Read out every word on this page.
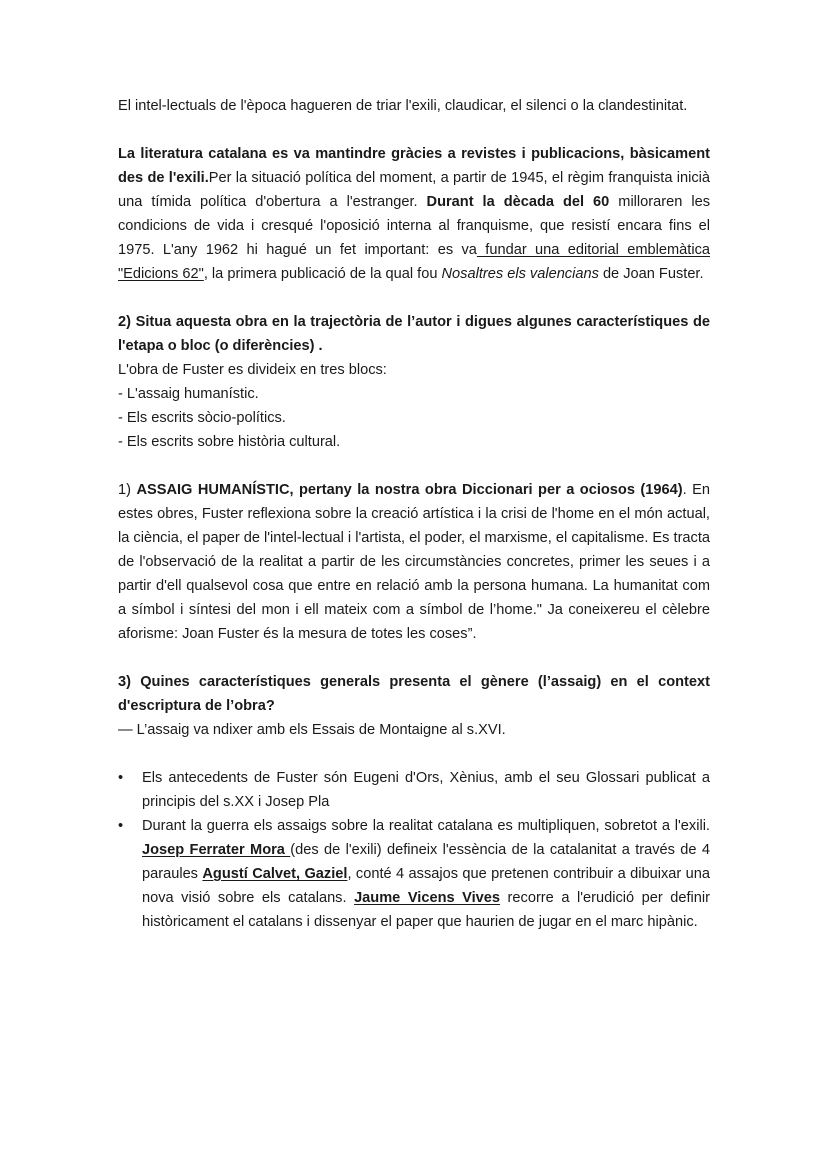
El intel-lectuals de l'època hagueren de triar l'exili, claudicar, el silenci o la clandestinitat.

La literatura catalana es va mantindre gràcies a revistes i publicacions, bàsicament des de l'exili.Per la situació política del moment, a partir de 1945, el règim franquista inicià una tímida política d'obertura a l'estranger. Durant la dècada del 60 milloraren les condicions de vida i cresqué l'oposició interna al franquisme, que resistí encara fins el 1975. L'any 1962 hi hagué un fet important: es va fundar una editorial emblemàtica "Edicions 62", la primera publicació de la qual fou Nosaltres els valencians de Joan Fuster.

2) Situa aquesta obra en la trajectòria de l’autor i digues algunes característiques de l'etapa o bloc (o diferències) .

L'obra de Fuster es divideix en tres blocs:

- L'assaig humanístic.

- Els escrits sòcio-polítics.

- Els escrits sobre història cultural.

1) ASSAIG HUMANÍSTIC, pertany la nostra obra Diccionari per a ociosos (1964). En estes obres, Fuster reflexiona sobre la creació artística i la crisi de l'home en el món actual, la ciència, el paper de l'intel-lectual i l'artista, el poder, el marxisme, el capitalisme. Es tracta de l'observació de la realitat a partir de les circumstàncies concretes, primer les seues i a partir d'ell qualsevol cosa que entre en relació amb la persona humana. La humanitat com a símbol i síntesi del mon i ell mateix com a símbol de l’home." Ja coneixereu el cèlebre aforisme: Joan Fuster és la mesura de totes les coses”.

3) Quines característiques generals presenta el gènere (l’assaig) en el context d'escriptura de l’obra?

— L’assaig va ndixer amb els Essais de Montaigne al s.XVI.

•	Els antecedents de Fuster són Eugeni d'Ors, Xènius, amb el seu Glossari publicat a principis del s.XX i Josep Pla
•	Durant la guerra els assaigs sobre la realitat catalana es multipliquen, sobretot a l'exili. Josep Ferrater Mora (des de l'exili) defineix l'essència de la catalanitat a través de 4 paraules Agustí Calvet, Gaziel, conté 4 assajos que pretenen contribuir a dibuixar una nova visió sobre els catalans. Jaume Vicens Vives recorre a l'erudició per definir històricament el catalans i dissenyar el paper que haurien de jugar en el marc hipànic.
